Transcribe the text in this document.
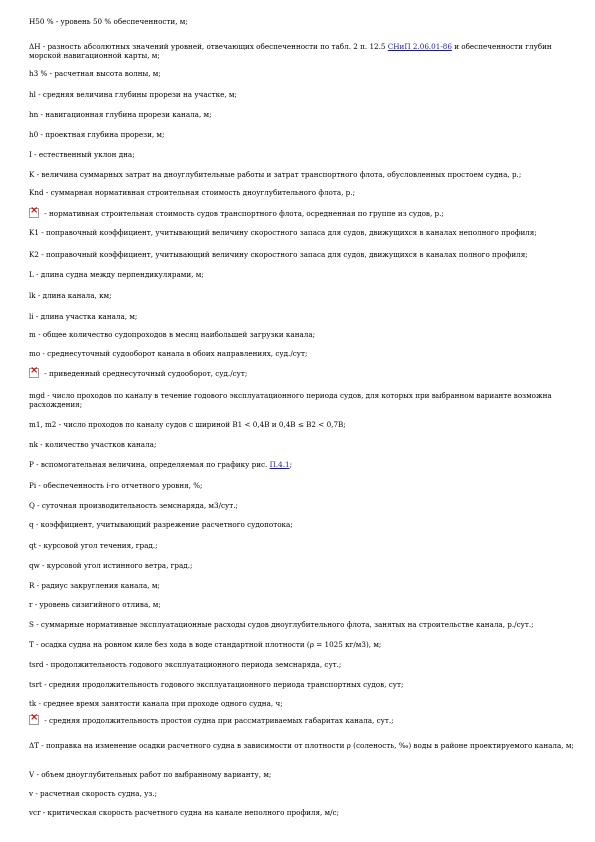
H50 % - уровень 50 % обеспеченности, м;
ΔH - разность абсолютных значений уровней, отвечающих обеспеченности по табл. 2 п. 12.5 СНиП 2.06.01-86 и обеспеченности глубин морской навигационной карты, м;
h3 % - расчетная высота волны, м;
hl - средняя величина глубины прорези на участке, м;
hn - навигационная глубина прорези канала, м;
h0 - проектная глубина прорези, м;
I - естественный уклон дна;
K - величина суммарных затрат на дноуглубительные работы и затрат транспортного флота, обусловленных простоем судна, р.;
Knd - суммарная нормативная строительная стоимость дноуглубительного флота, р.;
× - нормативная строительная стоимость судов транспортного флота, осредненная по группе из судов, р.;
K1 - поправочный коэффициент, учитывающий величину скоростного запаса для судов, движущихся в каналах неполного профиля;
K2 - поправочный коэффициент, учитывающий величину скоростного запаса для судов, движущихся в каналах полного профиля;
L - длина судна между перпендикулярами, м;
lk - длина канала, км;
li - длина участка канала, м;
m - общее количество судопроходов в месяц наибольшей загрузки канала;
mo - среднесуточный судооборот канала в обоих направлениях, суд./сут;
× - приведенный среднесуточный судооборот, суд./сут;
mgd - число проходов по каналу в течение годового эксплуатационного периода судов, для которых при выбранном варианте возможна расхождения;
m1, m2 - число проходов по каналу судов с шириной B1 < 0,4B и 0,4B ≤ B2 < 0,7B;
nk - количество участков канала;
P - вспомогательная величина, определяемая по графику рис. П.4.1;
Pi - обеспеченность i-го отчетного уровня, %;
Q - суточная производительность земснаряда, м3/сут.;
q - коэффициент, учитывающий разрежение расчетного судопотока;
qt - курсовой угол течения, град.;
qw - курсовой угол истинного ветра, град.;
R - радиус закругления канала, м;
r - уровень сизигийного отлива, м;
S - суммарные нормативные эксплуатационные расходы судов дноуглубительного флота, занятых на строительстве канала, р./сут.;
T - осадка судна на ровном киле без хода в воде стандартной плотности (ρ = 1025 кг/м3), м;
tsrd - продолжительность годового эксплуатационного периода земснаряда, сут.;
tsrt - средняя продолжительность годового эксплуатационного периода транспортных судов, сут;
tk - среднее время занятости канала при проходе одного судна, ч;
× - средняя продолжительность простоя судна при рассматриваемых габаритах канала, сут.;
ΔT - поправка на изменение осадки расчетного судна в зависимости от плотности ρ (соленость, ‰) воды в районе проектируемого канала, м;
V - объем дноуглубительных работ по выбранному варианту, м;
v - расчетная скорость судна, уз.;
vcr - критическая скорость расчетного судна на канале неполного профиля, м/с;
